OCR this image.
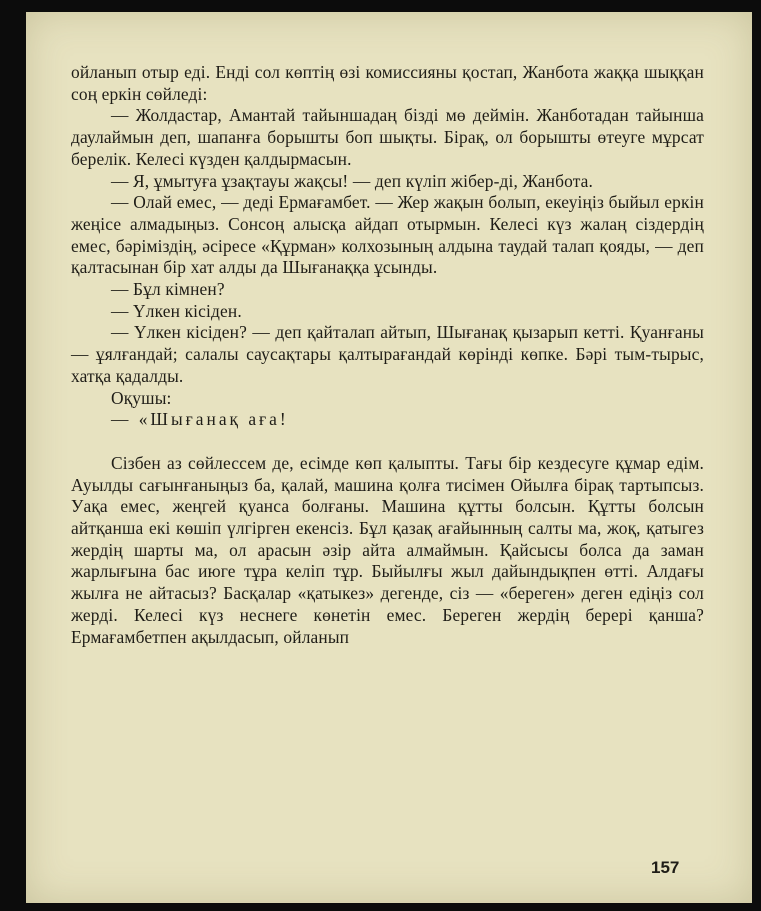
ойланып отыр еді. Енді сол көптің өзі комиссияны қостап, Жанбота жаққа шыққан соң еркін сөйледі:

— Жолдастар, Амантай тайыншадаң бізді мө деймін. Жанботадан тайынша даулаймын деп, шапанға борышты боп шықты. Бірақ, ол борышты өтеуге мұрсат берелік. Келесі күзден қалдырмасын.

— Я, ұмытуға ұзақтауы жақсы! — деп күліп жібер-ді, Жанбота.

— Олай емес, — деді Ермағамбет. — Жер жақын болып, екеуіңіз быйыл еркін жеңісе алмадыңыз. Сонсоң алысқа айдап отырмын. Келесі күз жалаң сіздердің емес, бәріміздің, әсіресе «Құрман» колхозының алдына таудай талап қояды, — деп қалтасынан бір хат алды да Шығанаққа ұсынды.

— Бұл кімнен?

— Үлкен кісіден.

— Үлкен кісіден? — деп қайталап айтып, Шығанақ қызарып кетті. Қуанғаны — ұялғандай; салалы саусақтары қалтырағандай көрінді көпке. Бәрі тым-тырыс, хатқа қадалды.

Оқушы:

— «Шығанақ аға!

Сізбен аз сөйлессем де, есімде көп қалыпты. Тағы бір кездесуге құмар едім. Ауылды сағынғаныңыз ба, қалай, машина қолға тисімен Ойылға бірақ тартыпсыз. Уақа емес, жеңгей қуанса болғаны. Машина құтты болсын. Құтты болсын айтқанша екі көшіп үлгірген екенсіз. Бұл қазақ ағайынның салты ма, жоқ, қатыгез жердің шарты ма, ол арасын әзір айта алмаймын. Қайсысы болса да заман жарлығына бас июге тұра келіп тұр. Быйылғы жыл дайындықпен өтті. Алдағы жылға не айтасыз? Басқалар «қатыкез» дегенде, сіз — «береген» деген едіңіз сол жерді. Келесі күз неснеге көнетін емес. Береген жердің берері қанша? Ермағамбетпен ақылдасып, ойланып

157
